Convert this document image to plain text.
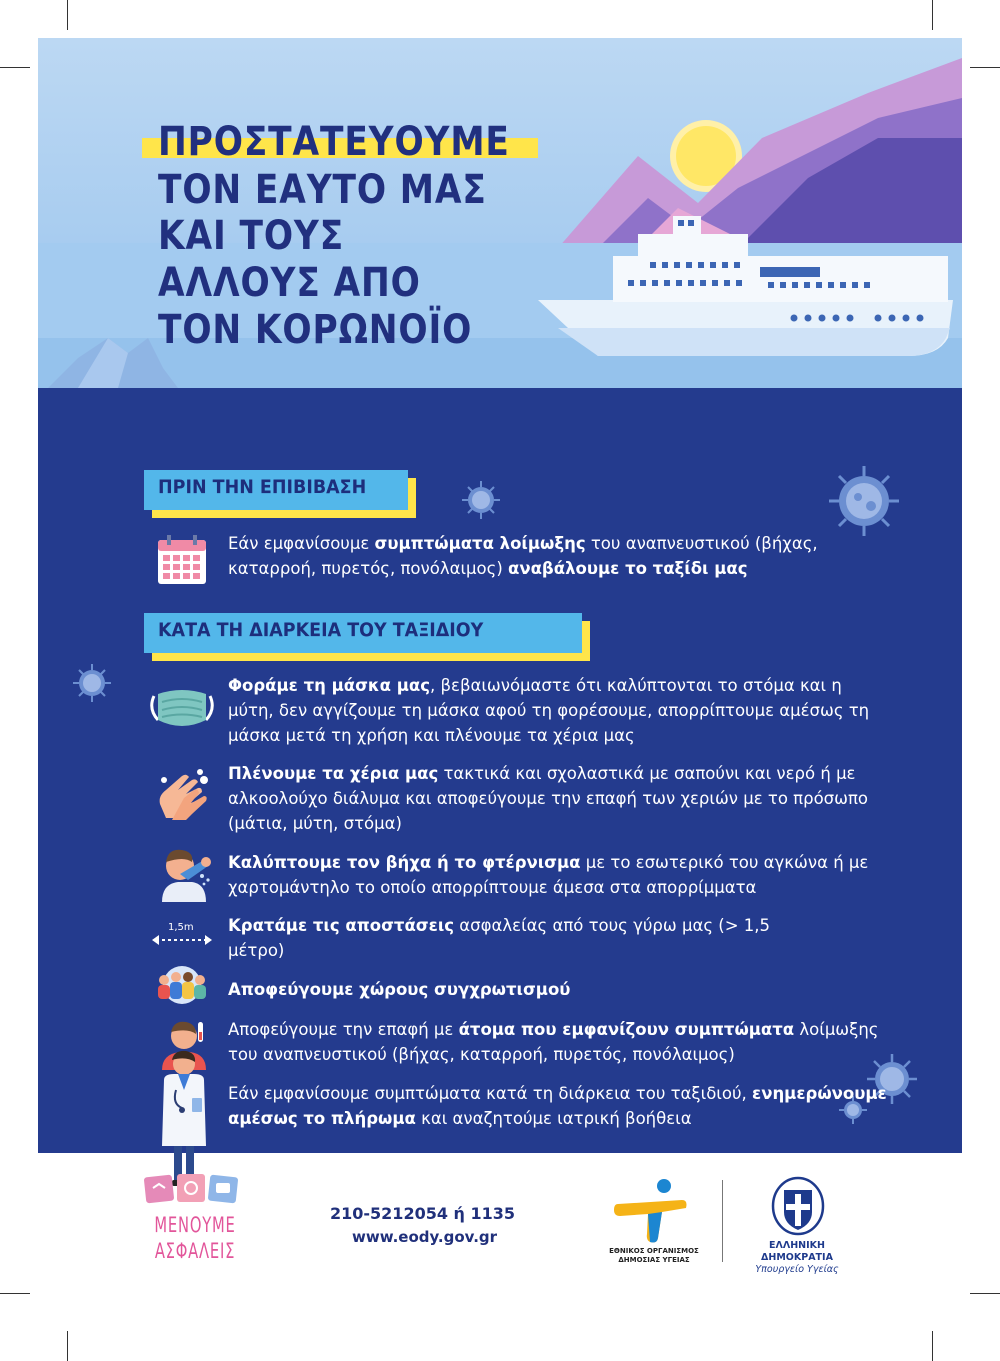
ΠΡΟΣΤΑΤΕΥΟΥΜΕ
ΤΟΝ ΕΑΥΤΟ ΜΑΣ
ΚΑΙ ΤΟΥΣ
ΑΛΛΟΥΣ ΑΠΟ
ΤΟΝ ΚΟΡΩΝΟΪΟ
ΠΡΙΝ ΤΗΝ ΕΠΙΒΙΒΑΣΗ
Εάν εμφανίσουμε συμπτώματα λοίμωξης του αναπνευστικού (βήχας, καταρροή, πυρετός, πονόλαιμος) αναβάλουμε το ταξίδι μας
ΚΑΤΑ ΤΗ ΔΙΑΡΚΕΙΑ ΤΟΥ ΤΑΞΙΔΙΟΥ
Φοράμε τη μάσκα μας, βεβαιωνόμαστε ότι καλύπτονται το στόμα και η μύτη, δεν αγγίζουμε τη μάσκα αφού τη φορέσουμε, απορρίπτουμε αμέσως τη μάσκα μετά τη χρήση και πλένουμε τα χέρια μας
Πλένουμε τα χέρια μας τακτικά και σχολαστικά με σαπούνι και νερό ή με αλκοολούχο διάλυμα και αποφεύγουμε την επαφή των χεριών με το πρόσωπο (μάτια, μύτη, στόμα)
Καλύπτουμε τον βήχα ή το φτέρνισμα με το εσωτερικό του αγκώνα ή με χαρτομάντηλο το οποίο απορρίπτουμε άμεσα στα απορρίμματα
1,5m Κρατάμε τις αποστάσεις ασφαλείας από τους γύρω μας (> 1,5 μέτρο)
Αποφεύγουμε χώρους συγχρωτισμού
Αποφεύγουμε την επαφή με άτομα που εμφανίζουν συμπτώματα λοίμωξης του αναπνευστικού (βήχας, καταρροή, πυρετός, πονόλαιμος)
Εάν εμφανίσουμε συμπτώματα κατά τη διάρκεια του ταξιδιού, ενημερώνουμε αμέσως το πλήρωμα και αναζητούμε ιατρική βοήθεια
ΜΕΝΟΥΜΕ
ΑΣΦΑΛΕΙΣ
210-5212054 ή 1135
www.eody.gov.gr
ΕΘΝΙΚΟΣ ΟΡΓΑΝΙΣΜΟΣ
ΔΗΜΟΣΙΑΣ ΥΓΕΙΑΣ
ΕΛΛΗΝΙΚΗ ΔΗΜΟΚΡΑΤΙΑ
Υπουργείο Υγείας
